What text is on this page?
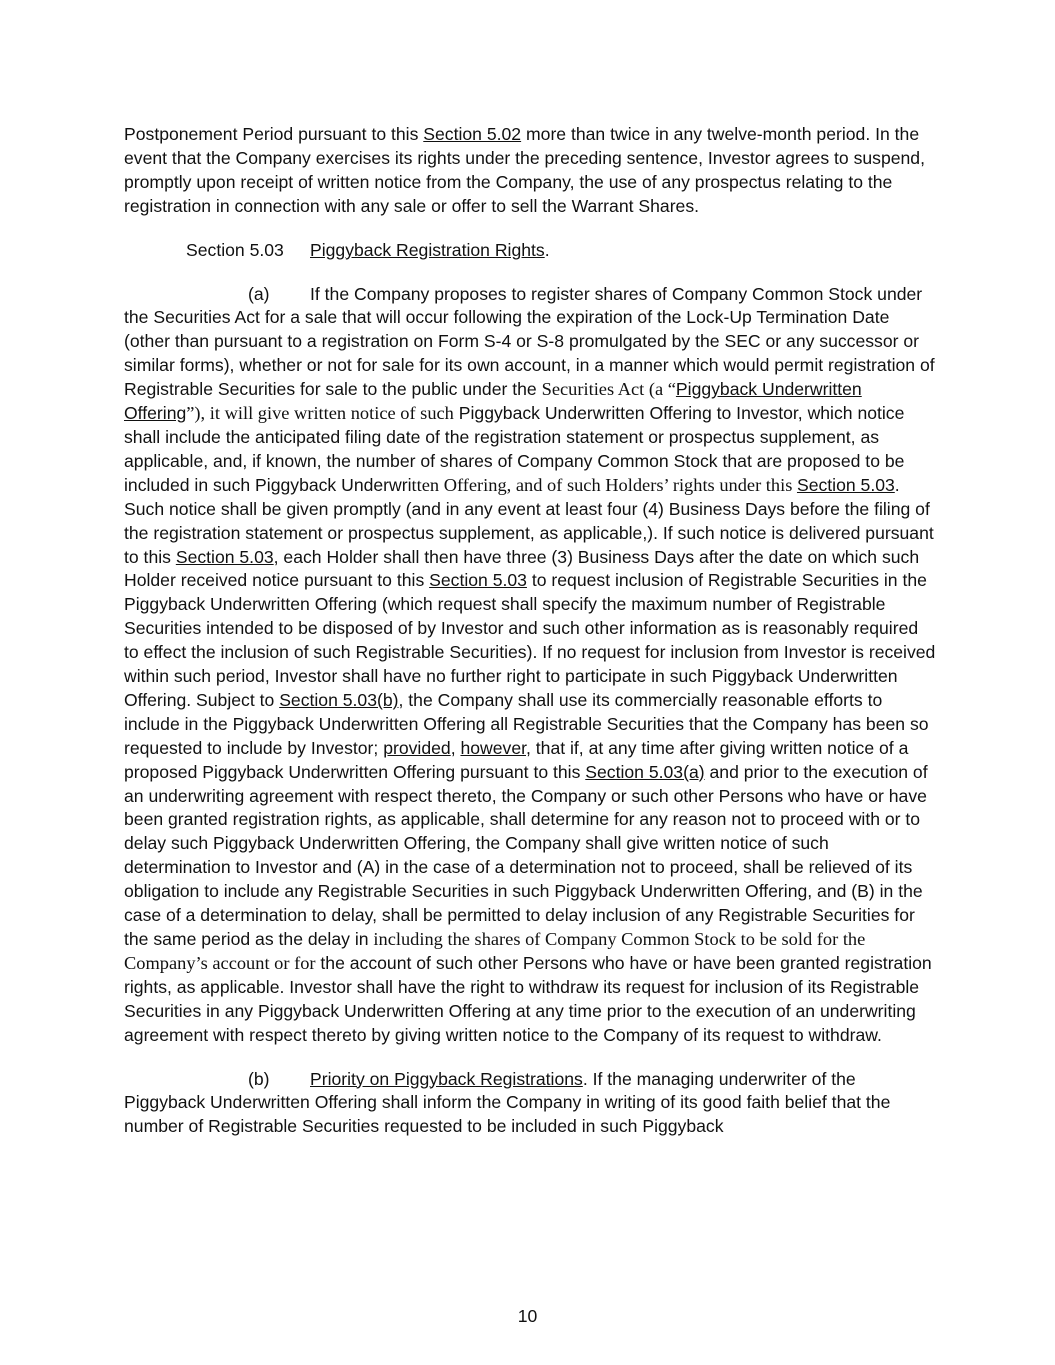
Postponement Period pursuant to this Section 5.02 more than twice in any twelve-month period. In the event that the Company exercises its rights under the preceding sentence, Investor agrees to suspend, promptly upon receipt of written notice from the Company, the use of any prospectus relating to the registration in connection with any sale or offer to sell the Warrant Shares.

Section 5.03 Piggyback Registration Rights.

(a) If the Company proposes to register shares of Company Common Stock under the Securities Act for a sale that will occur following the expiration of the Lock-Up Termination Date (other than pursuant to a registration on Form S-4 or S-8 promulgated by the SEC or any successor or similar forms), whether or not for sale for its own account, in a manner which would permit registration of Registrable Securities for sale to the public under the Securities Act (a “Piggyback Underwritten Offering”), it will give written notice of such Piggyback Underwritten Offering to Investor, which notice shall include the anticipated filing date of the registration statement or prospectus supplement, as applicable, and, if known, the number of shares of Company Common Stock that are proposed to be included in such Piggyback Underwritten Offering, and of such Holders’ rights under this Section 5.03. Such notice shall be given promptly (and in any event at least four (4) Business Days before the filing of the registration statement or prospectus supplement, as applicable,). If such notice is delivered pursuant to this Section 5.03, each Holder shall then have three (3) Business Days after the date on which such Holder received notice pursuant to this Section 5.03 to request inclusion of Registrable Securities in the Piggyback Underwritten Offering (which request shall specify the maximum number of Registrable Securities intended to be disposed of by Investor and such other information as is reasonably required to effect the inclusion of such Registrable Securities). If no request for inclusion from Investor is received within such period, Investor shall have no further right to participate in such Piggyback Underwritten Offering. Subject to Section 5.03(b), the Company shall use its commercially reasonable efforts to include in the Piggyback Underwritten Offering all Registrable Securities that the Company has been so requested to include by Investor; provided, however, that if, at any time after giving written notice of a proposed Piggyback Underwritten Offering pursuant to this Section 5.03(a) and prior to the execution of an underwriting agreement with respect thereto, the Company or such other Persons who have or have been granted registration rights, as applicable, shall determine for any reason not to proceed with or to delay such Piggyback Underwritten Offering, the Company shall give written notice of such determination to Investor and (A) in the case of a determination not to proceed, shall be relieved of its obligation to include any Registrable Securities in such Piggyback Underwritten Offering, and (B) in the case of a determination to delay, shall be permitted to delay inclusion of any Registrable Securities for the same period as the delay in including the shares of Company Common Stock to be sold for the Company’s account or for the account of such other Persons who have or have been granted registration rights, as applicable. Investor shall have the right to withdraw its request for inclusion of its Registrable Securities in any Piggyback Underwritten Offering at any time prior to the execution of an underwriting agreement with respect thereto by giving written notice to the Company of its request to withdraw.

(b) Priority on Piggyback Registrations. If the managing underwriter of the Piggyback Underwritten Offering shall inform the Company in writing of its good faith belief that the number of Registrable Securities requested to be included in such Piggyback

10
